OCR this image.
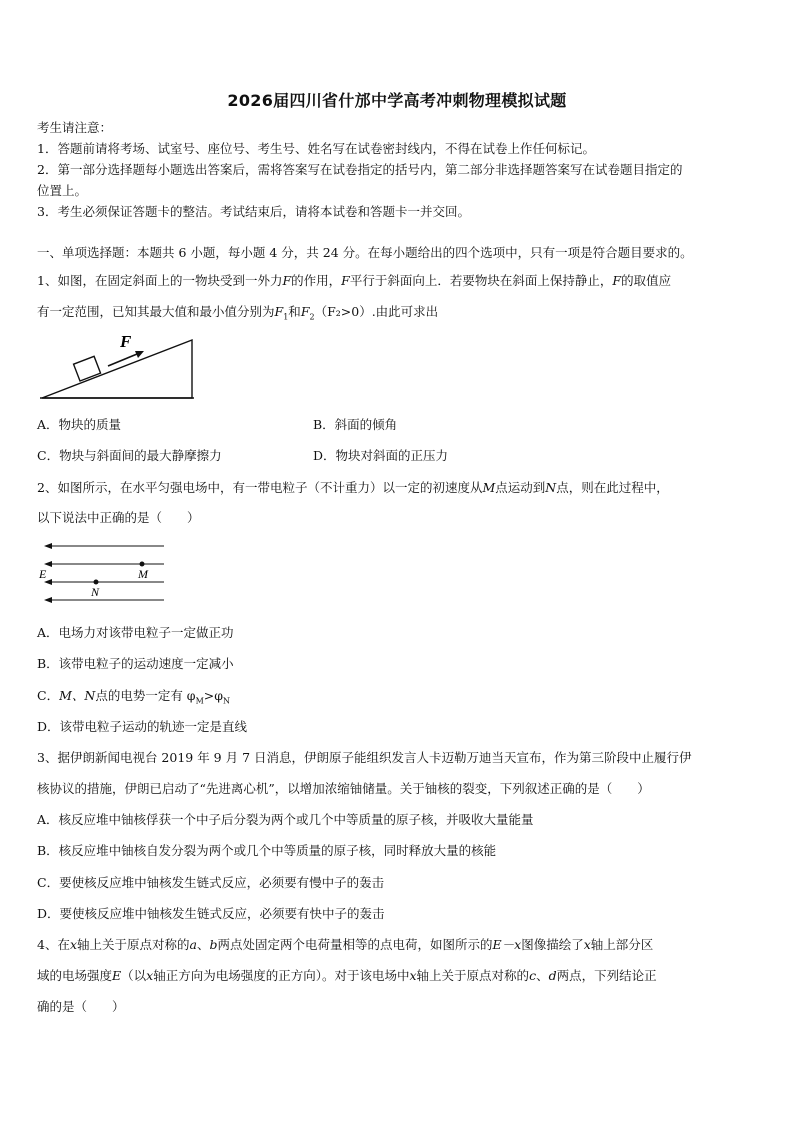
2026届四川省什邡中学高考冲刺物理模拟试题
考生请注意：
1．答题前请将考场、试室号、座位号、考生号、姓名写在试卷密封线内，不得在试卷上作任何标记。
2．第一部分选择题每小题选出答案后，需将答案写在试卷指定的括号内，第二部分非选择题答案写在试卷题目指定的
位置上。
3．考生必须保证答题卡的整洁。考试结束后，请将本试卷和答题卡一并交回。
一、单项选择题：本题共 6 小题，每小题 4 分，共 24 分。在每小题给出的四个选项中，只有一项是符合题目要求的。
1、如图，在固定斜面上的一物块受到一外力F的作用，F平行于斜面向上．若要物块在斜面上保持静止，F的取值应
有一定范围，已知其最大值和最小值分别为$F_1$和$F_2(F_2>0)$.由此可求出
F
A．物块的质量	B．斜面的倾角
C．物块与斜面间的最大静摩擦力	D．物块对斜面的正压力
2、如图所示，在水平匀强电场中，有一带电粒子（不计重力）以一定的初速度从M点运动到N点，则在此过程中，
以下说法中正确的是（　　）
E	M
N
A．电场力对该带电粒子一定做正功
B．该带电粒子的运动速度一定减小
C．M、N点的电势一定有 $\varphi_M>\varphi_N$
D．该带电粒子运动的轨迹一定是直线
3、据伊朗新闻电视台 2019 年 9 月 7 日消息，伊朗原子能组织发言人卡迈勒万迪当天宣布，作为第三阶段中止履行伊
核协议的措施，伊朗已启动了“先进离心机”，以增加浓缩铀储量。关于铀核的裂变，下列叙述正确的是（　　）
A．核反应堆中铀核俘获一个中子后分裂为两个或几个中等质量的原子核，并吸收大量能量
B．核反应堆中铀核自发分裂为两个或几个中等质量的原子核，同时释放大量的核能
C．要使核反应堆中铀核发生链式反应，必须要有慢中子的轰击
D．要使核反应堆中铀核发生链式反应，必须要有快中子的轰击
4、在x轴上关于原点对称的a、b两点处固定两个电荷量相等的点电荷，如图所示的E－x图像描绘了x轴上部分区
域的电场强度E（以x轴正方向为电场强度的正方向）。对于该电场中x轴上关于原点对称的c、d两点，下列结论正
确的是（　　）
